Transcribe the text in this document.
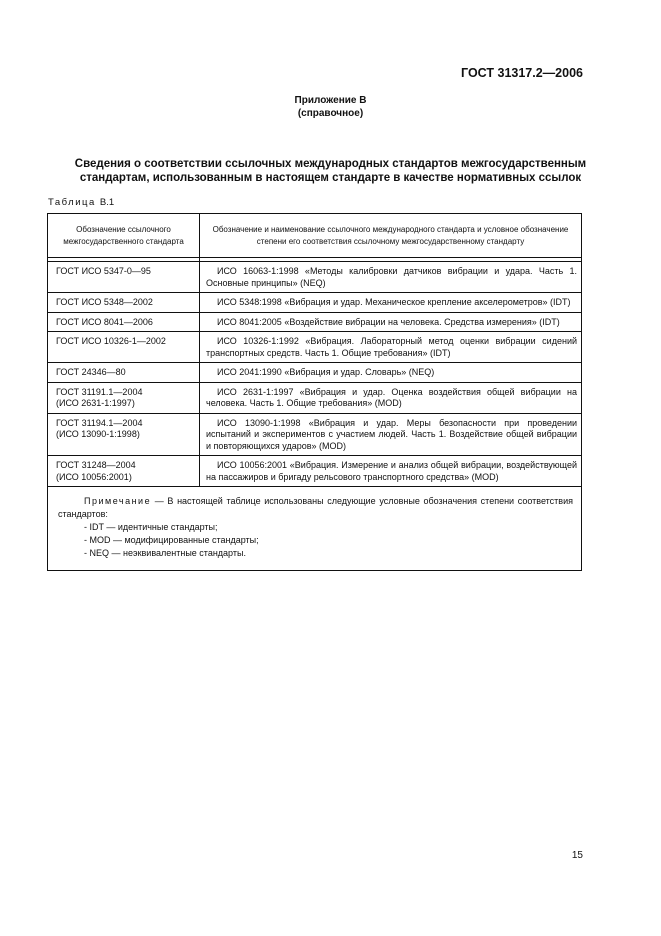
ГОСТ 31317.2—2006
Приложение В
(справочное)
Сведения о соответствии ссылочных международных стандартов межгосударственным
стандартам, использованным в настоящем стандарте в качестве нормативных ссылок
Таблица В.1
Обозначение ссылочного межгосударственного стандарта	Обозначение и наименование ссылочного международного стандарта и условное обозначение степени его соответствия ссылочному межгосударственному стандарту

ГОСТ ИСО 5347-0—95	ИСО 16063-1:1998 «Методы калибровки датчиков вибрации и удара. Часть 1. Основные принципы» (NEQ)

ГОСТ ИСО 5348—2002	ИСО 5348:1998 «Вибрация и удар. Механическое крепление акселерометров» (IDT)

ГОСТ ИСО 8041—2006	ИСО 8041:2005 «Воздействие вибрации на человека. Средства измерения» (IDT)

ГОСТ ИСО 10326-1—2002	ИСО 10326-1:1992 «Вибрация. Лабораторный метод оценки вибрации сидений транспортных средств. Часть 1. Общие требования» (IDT)

ГОСТ 24346—80	ИСО 2041:1990 «Вибрация и удар. Словарь» (NEQ)

ГОСТ 31191.1—2004
(ИСО 2631-1:1997)	ИСО 2631-1:1997 «Вибрация и удар. Оценка воздействия общей вибрации на человека. Часть 1. Общие требования» (MOD)

ГОСТ 31194.1—2004
(ИСО 13090-1:1998)	ИСО 13090-1:1998 «Вибрация и удар. Меры безопасности при проведении испытаний и экспериментов с участием людей. Часть 1. Воздействие общей вибрации и повторяющихся ударов» (MOD)

ГОСТ 31248—2004
(ИСО 10056:2001)	ИСО 10056:2001 «Вибрация. Измерение и анализ общей вибрации, воздействующей на пассажиров и бригаду рельсового транспортного средства» (MOD)

Примечание — В настоящей таблице использованы следующие условные обозначения степени соответствия стандартов:
- IDT — идентичные стандарты;
- MOD — модифицированные стандарты;
- NEQ — неэквивалентные стандарты.	
15
